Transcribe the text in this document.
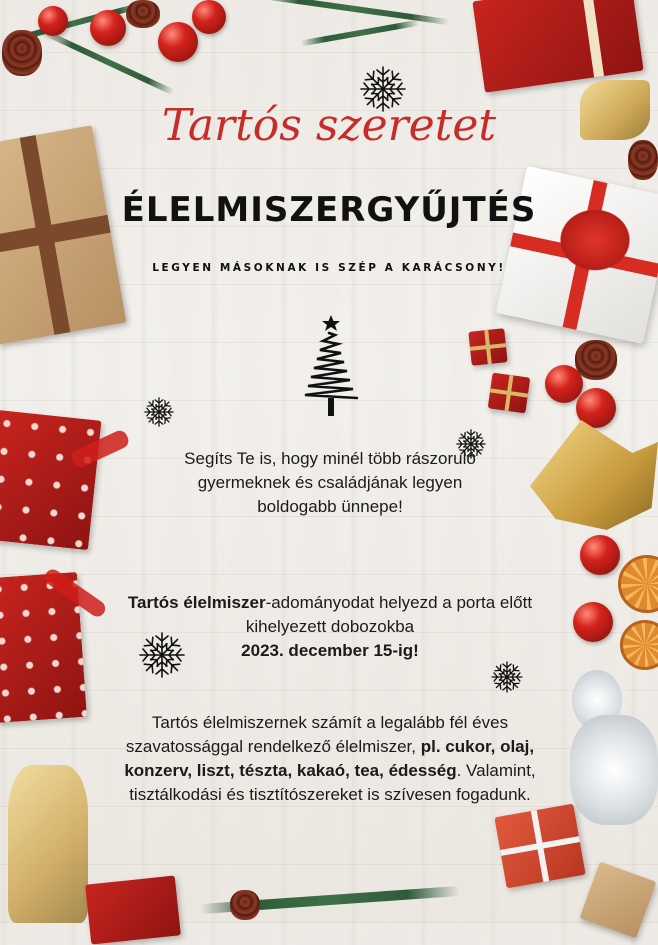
Tartós szeretet
ÉLELMISZERGYŰJTÉS
LEGYEN MÁSOKNAK IS SZÉP A KARÁCSONY!
Segíts Te is, hogy minél több rászoruló gyermeknek és családjának legyen boldogabb ünnepe!
Tartós élelmiszer-adományodat helyezd a porta előtt kihelyezett dobozokba
2023. december 15-ig!
Tartós élelmiszernek számít a legalább fél éves szavatossággal rendelkező élelmiszer, pl. cukor, olaj, konzerv, liszt, tészta, kakaó, tea, édesség. Valamint, tisztálkodási és tisztítószereket is szívesen fogadunk.
